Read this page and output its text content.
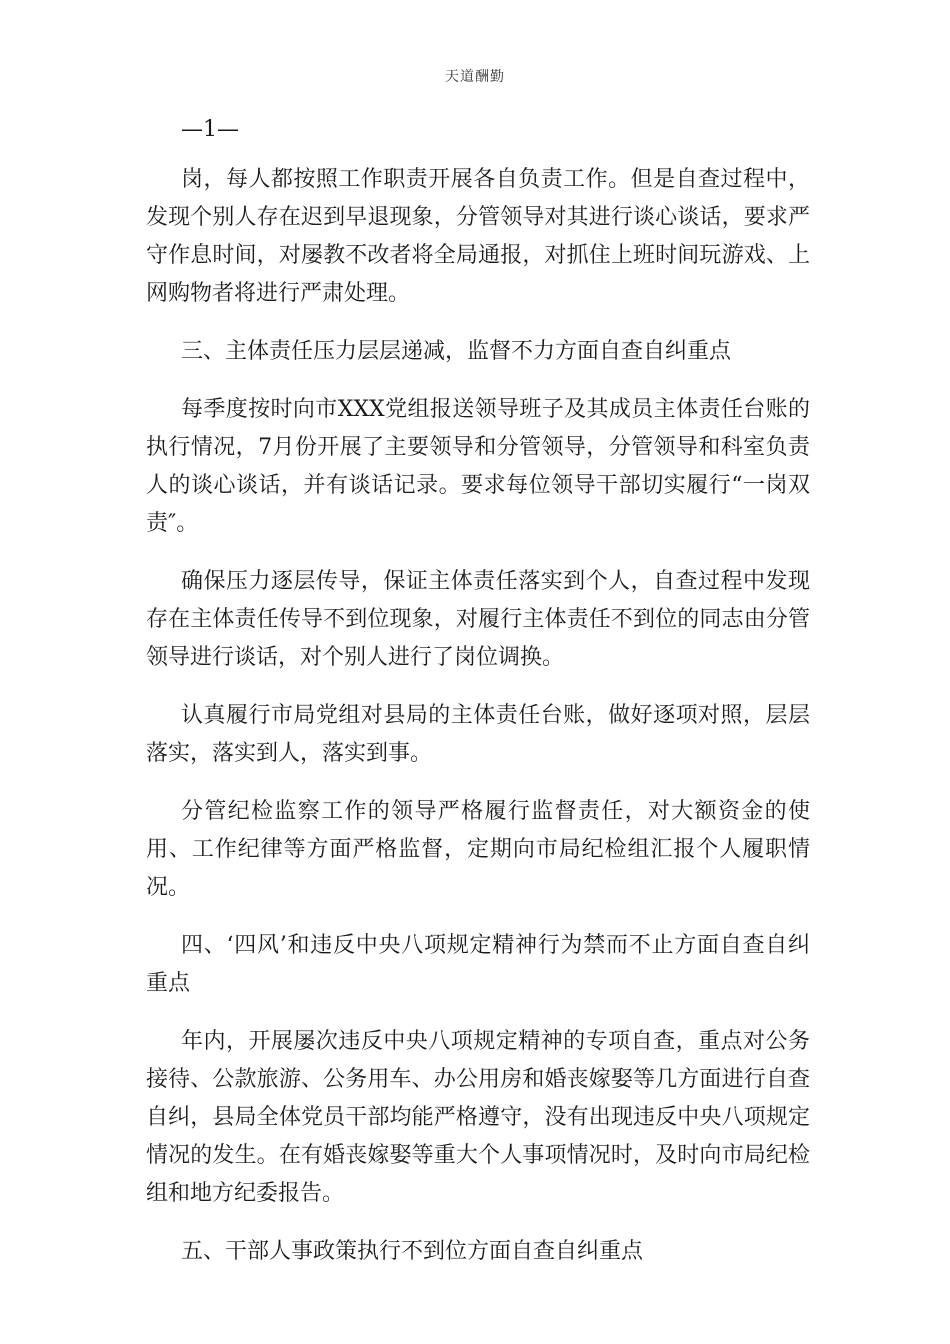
天道酬勤

—1—

岗，每人都按照工作职责开展各自负责工作。但是自查过程中，发现个别人存在迟到早退现象，分管领导对其进行谈心谈话，要求严守作息时间，对屡教不改者将全局通报，对抓住上班时间玩游戏、上网购物者将进行严肃处理。

三、主体责任压力层层递减，监督不力方面自查自纠重点

每季度按时向市XXX党组报送领导班子及其成员主体责任台账的执行情况，7月份开展了主要领导和分管领导，分管领导和科室负责人的谈心谈话，并有谈话记录。要求每位领导干部切实履行“一岗双责″。

确保压力逐层传导，保证主体责任落实到个人，自查过程中发现存在主体责任传导不到位现象，对履行主体责任不到位的同志由分管领导进行谈话，对个别人进行了岗位调换。

认真履行市局党组对县局的主体责任台账，做好逐项对照，层层落实，落实到人，落实到事。

分管纪检监察工作的领导严格履行监督责任，对大额资金的使用、工作纪律等方面严格监督，定期向市局纪检组汇报个人履职情况。

四、‘四风’和违反中央八项规定精神行为禁而不止方面自查自纠重点

年内，开展屡次违反中央八项规定精神的专项自查，重点对公务接待、公款旅游、公务用车、办公用房和婚丧嫁娶等几方面进行自查自纠，县局全体党员干部均能严格遵守，没有出现违反中央八项规定情况的发生。在有婚丧嫁娶等重大个人事项情况时，及时向市局纪检组和地方纪委报告。

五、干部人事政策执行不到位方面自查自纠重点
